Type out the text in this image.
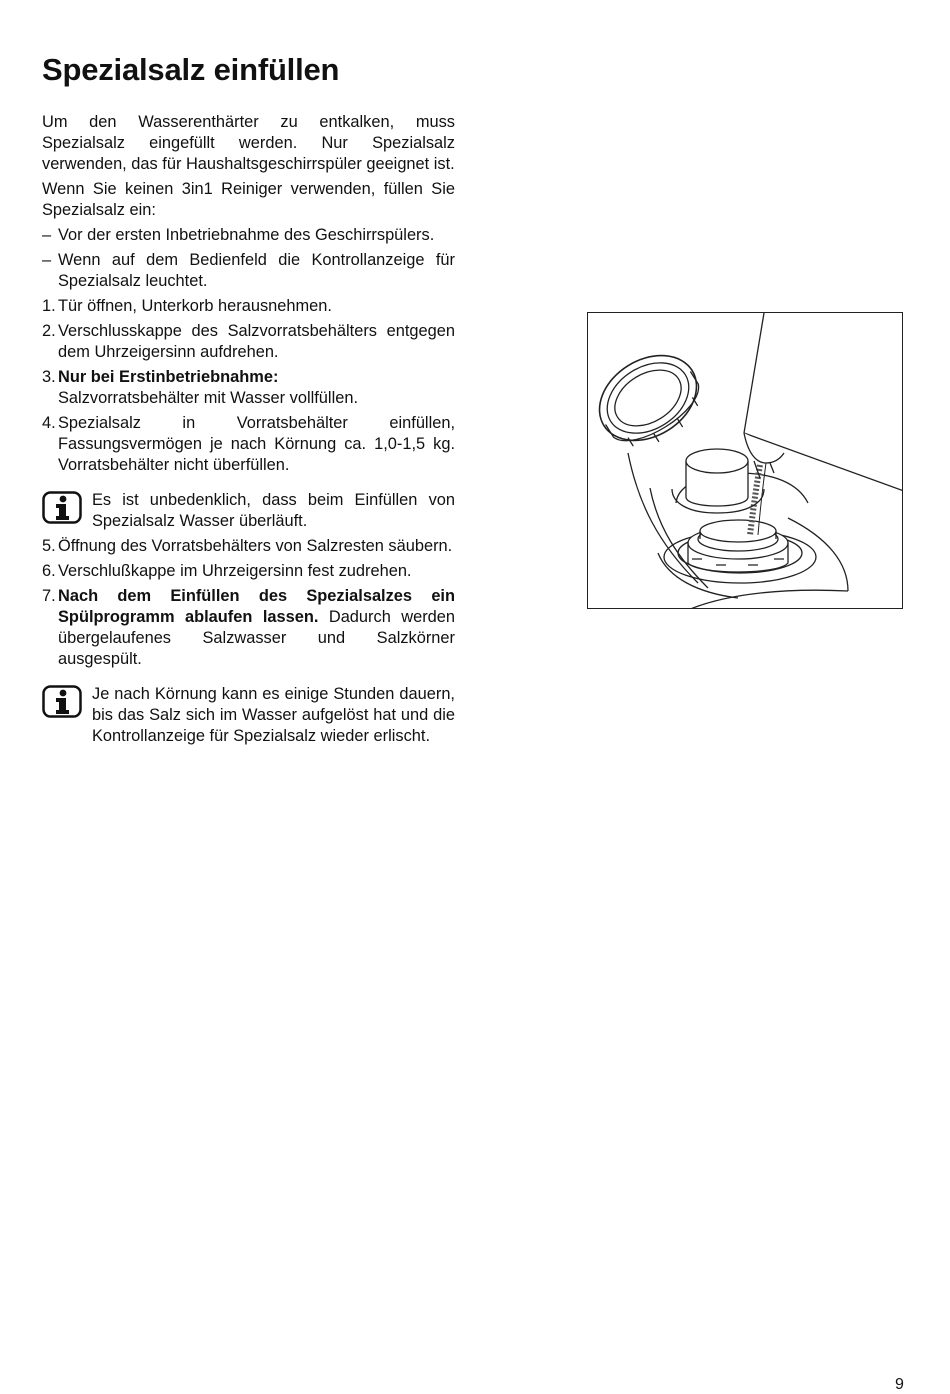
Spezialsalz einfüllen

Um den Wasserenthärter zu entkalken, muss Spezialsalz eingefüllt werden. Nur Spezialsalz verwenden, das für Haushaltsgeschirrspüler geeignet ist.

Wenn Sie keinen 3in1 Reiniger verwenden, füllen Sie Spezialsalz ein:

– Vor der ersten Inbetriebnahme des Geschirrspülers.
– Wenn auf dem Bedienfeld die Kontrollanzeige für Spezialsalz leuchtet.
1. Tür öffnen, Unterkorb herausnehmen.
2. Verschlusskappe des Salzvorratsbehälters entgegen dem Uhrzeigersinn aufdrehen.
3. Nur bei Erstinbetriebnahme:
Salzvorratsbehälter mit Wasser vollfüllen.
4. Spezialsalz in Vorratsbehälter einfüllen, Fassungsvermögen je nach Körnung ca. 1,0-1,5 kg. Vorratsbehälter nicht überfüllen.
Es ist unbedenklich, dass beim Einfüllen von Spezialsalz Wasser überläuft.
5. Öffnung des Vorratsbehälters von Salzresten säubern.
6. Verschlußkappe im Uhrzeigersinn fest zudrehen.
7. Nach dem Einfüllen des Spezialsalzes ein Spülprogramm ablaufen lassen. Dadurch werden übergelaufenes Salzwasser und Salzkörner ausgespült.
Je nach Körnung kann es einige Stunden dauern, bis das Salz sich im Wasser aufgelöst hat und die Kontrollanzeige für Spezialsalz wieder erlischt.
9
